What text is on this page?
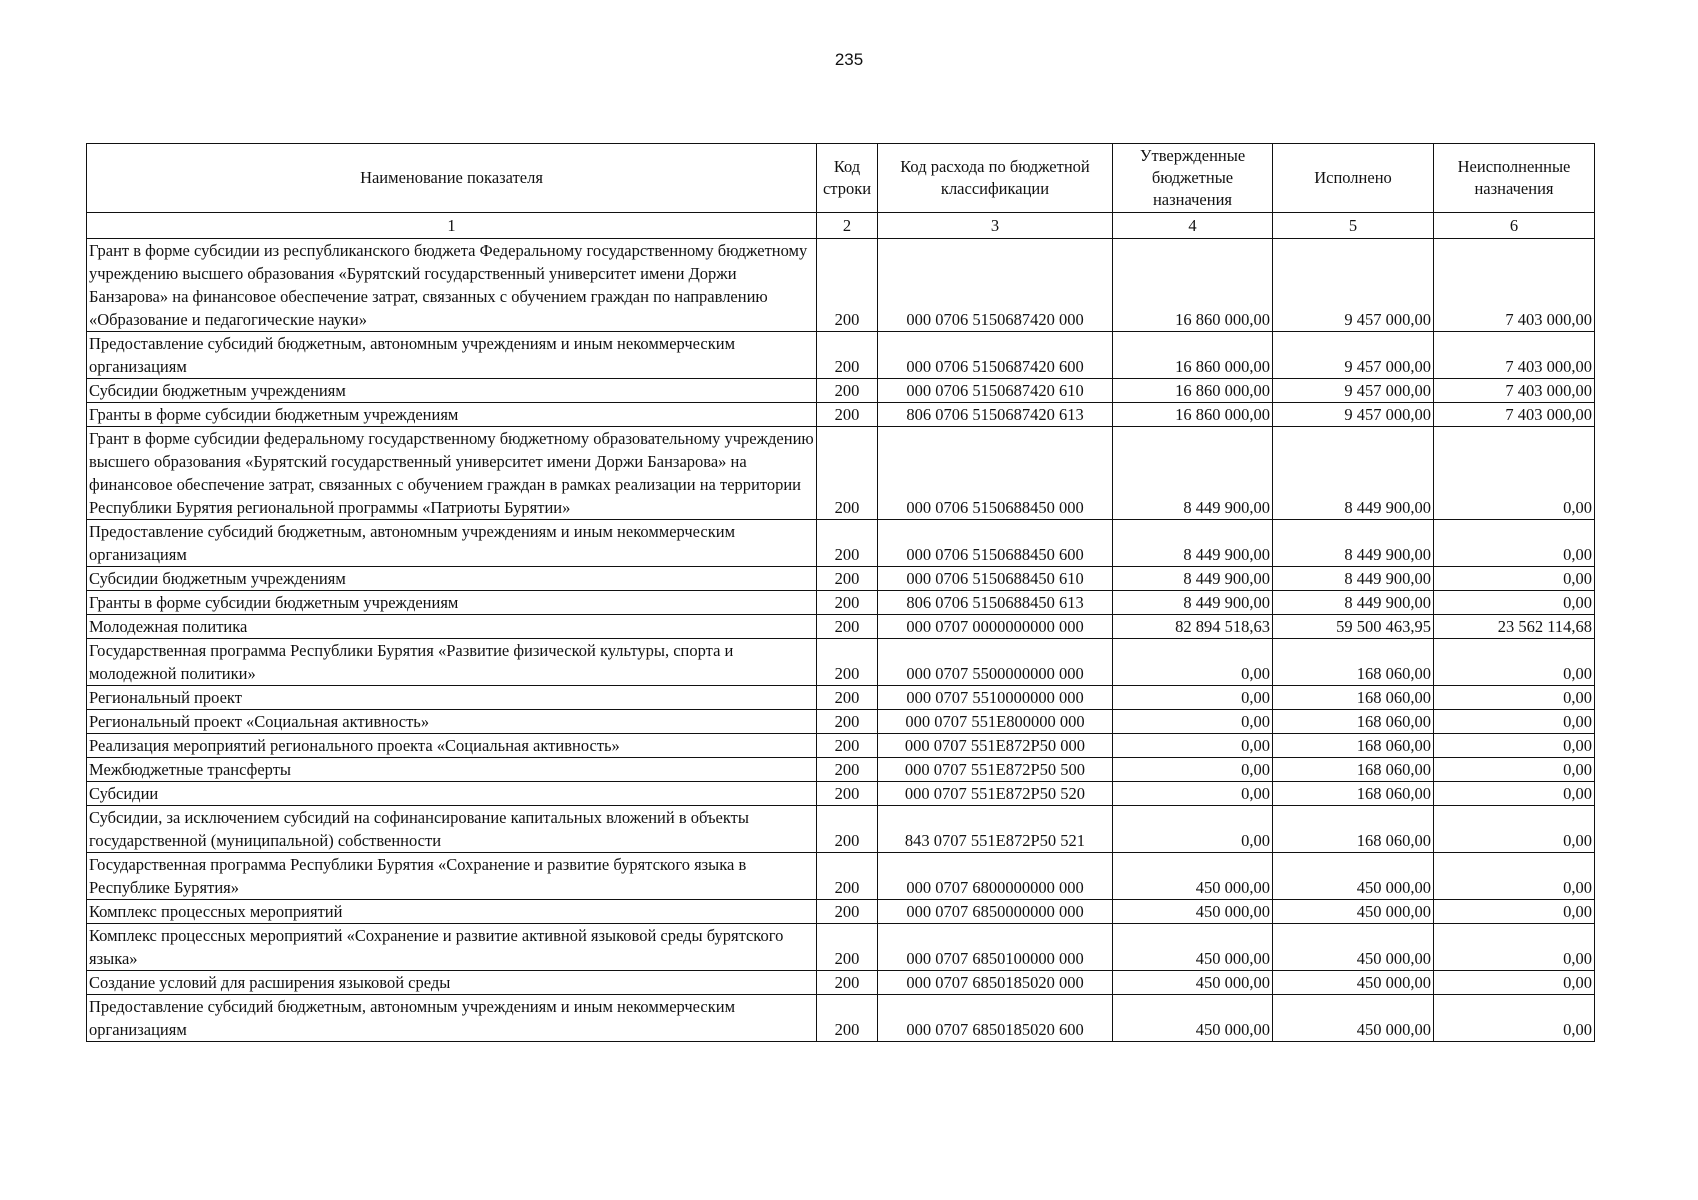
235
Наименование показателя	Код строки	Код расхода по бюджетной классификации	Утвержденные бюджетные назначения	Исполнено	Неисполненные назначения
1	2	3	4	5	6
Грант в форме субсидии из республиканского бюджета Федеральному государственному бюджетному учреждению высшего образования «Бурятский государственный университет имени Доржи Банзарова» на финансовое обеспечение затрат, связанных с обучением граждан по направлению «Образование и педагогические науки»	200	000 0706 5150687420 000	16 860 000,00	9 457 000,00	7 403 000,00
Предоставление субсидий бюджетным, автономным учреждениям и иным некоммерческим организациям	200	000 0706 5150687420 600	16 860 000,00	9 457 000,00	7 403 000,00
Субсидии бюджетным учреждениям	200	000 0706 5150687420 610	16 860 000,00	9 457 000,00	7 403 000,00
Гранты в форме субсидии бюджетным учреждениям	200	806 0706 5150687420 613	16 860 000,00	9 457 000,00	7 403 000,00
Грант в форме субсидии федеральному государственному бюджетному образовательному учреждению высшего образования «Бурятский государственный университет имени Доржи Банзарова» на финансовое обеспечение затрат, связанных с обучением граждан в рамках реализации на территории Республики Бурятия региональной программы «Патриоты Бурятии»	200	000 0706 5150688450 000	8 449 900,00	8 449 900,00	0,00
Предоставление субсидий бюджетным, автономным учреждениям и иным некоммерческим организациям	200	000 0706 5150688450 600	8 449 900,00	8 449 900,00	0,00
Субсидии бюджетным учреждениям	200	000 0706 5150688450 610	8 449 900,00	8 449 900,00	0,00
Гранты в форме субсидии бюджетным учреждениям	200	806 0706 5150688450 613	8 449 900,00	8 449 900,00	0,00
Молодежная политика	200	000 0707 0000000000 000	82 894 518,63	59 500 463,95	23 562 114,68
Государственная программа Республики Бурятия «Развитие физической культуры, спорта и молодежной политики»	200	000 0707 5500000000 000	0,00	168 060,00	0,00
Региональный проект	200	000 0707 5510000000 000	0,00	168 060,00	0,00
Региональный проект «Социальная активность»	200	000 0707 551E800000 000	0,00	168 060,00	0,00
Реализация мероприятий регионального проекта «Социальная активность»	200	000 0707 551E872P50 000	0,00	168 060,00	0,00
Межбюджетные трансферты	200	000 0707 551E872P50 500	0,00	168 060,00	0,00
Субсидии	200	000 0707 551E872P50 520	0,00	168 060,00	0,00
Субсидии, за исключением субсидий на софинансирование капитальных вложений в объекты государственной (муниципальной) собственности	200	843 0707 551E872P50 521	0,00	168 060,00	0,00
Государственная программа Республики Бурятия «Сохранение и развитие бурятского языка в Республике Бурятия»	200	000 0707 6800000000 000	450 000,00	450 000,00	0,00
Комплекс процессных мероприятий	200	000 0707 6850000000 000	450 000,00	450 000,00	0,00
Комплекс процессных мероприятий «Сохранение и развитие активной языковой среды бурятского языка»	200	000 0707 6850100000 000	450 000,00	450 000,00	0,00
Создание условий для расширения языковой среды	200	000 0707 6850185020 000	450 000,00	450 000,00	0,00
Предоставление субсидий бюджетным, автономным учреждениям и иным некоммерческим организациям	200	000 0707 6850185020 600	450 000,00	450 000,00	0,00
